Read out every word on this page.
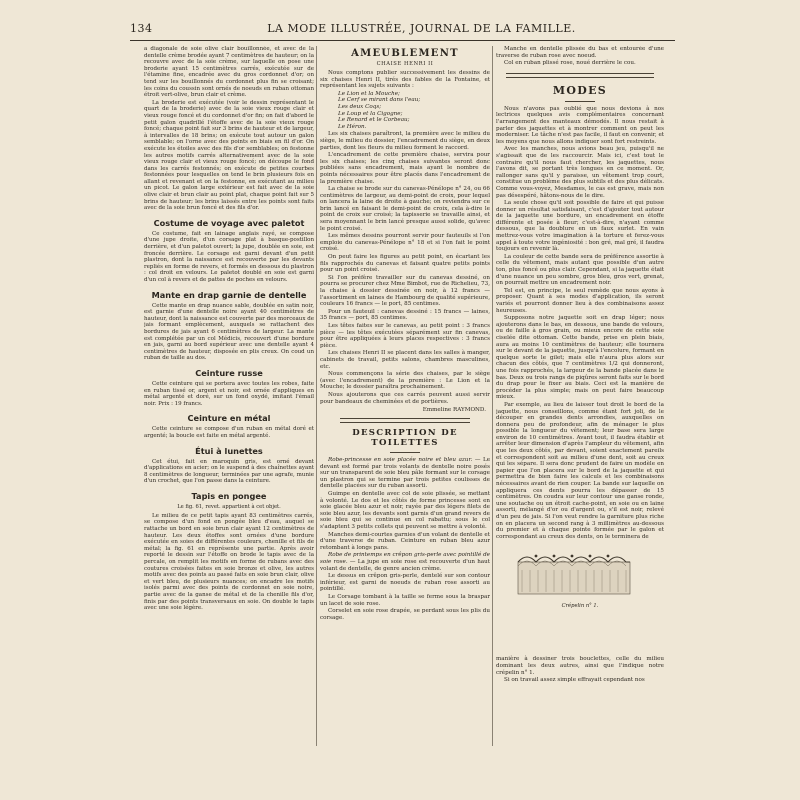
134	LA MODE ILLUSTRÉE, JOURNAL DE LA FAMILLE.

a diagonale de soie olive clair bouillonnée, et avec de la dentelle crème brodée ayant 7 centimètres de hauteur; on la recouvre avec de la soie crème, sur laquelle on pose une broderie ayant 15 centimètres carrés, exécutée sur de l'étamine fine, encadrée avec du gros cordonnet d'or; on tend sur les bouillonnés du cordonnet plus fin se croisant; les coins du coussin sont ornés de noeuds en ruban ottoman étroit vert-olive, brun clair et crème.

La broderie est exécutée (voir le dessin représentant le quart de la broderie) avec de la soie vieux rouge clair et vieux rouge foncé et du cordonnet d'or fin; on fait d'abord le petit galon quadrillé l'étoffe avec de la soie vieux rouge foncé; chaque point fait sur 3 brins de hauteur et de largeur, à intervalles de 18 brins; on exécute tout autour un galon semblable; on l'orne avec des points en biais en fil d'or. On exécute les étoiles avec des fils d'or semblables; on festonne les autres motifs carrés alternativement avec de la soie vieux rouge clair et vieux rouge foncé; on découpe le fond dans les carrés festonnés; on exécute de petites courbes festonnées pour lesquelles on tend le brin plusieurs fois en allant et revenant et on la festonne, en exécutant au milieu un picot. Le galon large extérieur est fait avec de la soie olive clair et brun clair au point plat, chaque point fait sur 5 brins de hauteur; les brins laissés entre les points sont faits avec de la soie brun foncé et des fils d'or.

Costume de voyage avec paletot

Ce costume, fait en lainage anglais rayé, se compose d'une jupe droite, d'un corsage plat à basque-postillon derrière, et d'un paletot ouvert; la jupe, doublée en soie, est froncée derrière. Le corsage est garni devant d'un petit plastron, dont la naissance est recouverte par les devants repliés en forme de revers, et formés en dessous du plastron : col droit en velours. Le paletot doublé en soie est garni d'un col à revers et de pattes de poches en velours.

Mante en drap garnie de dentelle

Cette mante en drap nuance sable, doublée en satin noir, est garnie d'une dentelle noire ayant 40 centimètres de hauteur, dont la naissance est couverte par des morceaux de jais formant emplècement, auxquels se rattachent des bordures de jais ayant 6 centimètres de largeur. La mante est complétée par un col Médicis, recouvert d'une bordure en jais, garni au bord supérieur avec une dentelle ayant 4 centimètres de hauteur, disposée en plis creux. On coud un ruban de taille au dos.

Ceinture russe

Cette ceinture qui se portera avec toutes les robes, faite en ruban tissé or, argent et noir, est ornée d'appliques en métal argenté et doré, sur un fond oxydé, imitant l'émail noir. Prix : 19 francs.

Ceinture en métal

Cette ceinture se compose d'un ruban en métal doré et argenté; la boucle est faite en métal argenté.

Étui à lunettes

Cet étui, fait en maroquin gris, est orné devant d'applications en acier; on le suspend à des chaînettes ayant 8 centimètres de longueur, terminées par une agrafe, munie d'un crochet, que l'on passe dans la ceinture.

Tapis en pongee
Le fig. 61, revet. appartient à cet objet.

Le milieu de ce petit tapis ayant 83 centimètres carrés, se compose d'un fond en pongée bleu d'eau, auquel se rattache un bord en soie brun clair ayant 12 centimètres de hauteur. Les deux étoffes sont ornées d'une bordure exécutée en soies de différentes couleurs, chenille et fils de métal; la fig. 61 en représente une partie. Après avoir reporté le dessin sur l'étoffe on brode le tapis avec de la percale, on remplit les motifs en forme de rubans avec des coutures croisées faites en soie bronze et olive, les autres motifs avec des points au passé faits en soie brun clair, olive et vert bleu, de plusieurs nuances; on encadre les motifs isolés parmi avec des points de cordonnet en soie noire, partie avec de la ganse de métal et de la chenille fils d'or, finis par des points transversaux en soie. On double le tapis avec une soie légère.

AMEUBLEMENT
CHAISE HENRI II

Nous comptons publier successivement les dessins de six chaises Henri II, tirés des fables de la Fontaine, et représentant les sujets suivants :

Le Lion et la Mouche;
Le Cerf se mirant dans l'eau;
Les deux Coqs;
Le Loup et la Cigogne;
Le Renard et le Corbeau;
Le Héron.

Les six chaises paraîtront, la première avec le milieu du siège, le milieu du dossier, l'encadrement du siège, en deux parties, dont les fleurs du milieu forment le raccord.

L'encadrement de cette première chaise, servira pour les six chaises; les cinq chaises suivantes seront donc publiées sans encadrement, mais ayant le nombre de points nécessaires pour être placés dans l'encadrement de la première chaise.

La chaise se brode sur du canevas-Pénélope n° 24, ou 66 centimètres de largeur, au demi-point de croix, pour lequel on lancera la laine de droite à gauche; on reviendra sur ce brin lancé en faisant le demi-point de croix, cela à-dire le point de croix sur croisé; la tapisserie se travaille ainsi, et sera moyennant le brin lancé presque aussi solide, qu'avec le point croisé.

Les mêmes dessins pourront servir pour fauteuils si l'on emploie du canevas-Pénélope n° 18 et si l'on fait le point croisé.

On peut faire les figures au petit point, en écartant les fils rapprochés du canevas et faisant quatre petits points pour un point croisé.

Si l'on préfère travailler sur du canevas dessiné, on pourra se procurer chez Mme Bimbot, rue de Richelieu, 73, la chaise à dossier dessinée en noir, à 12 francs — l'assortiment en laines de Hambourg de qualité supérieure, couleurs 16 francs — le port, 85 centimes.

Pour un fauteuil : canevas dessiné : 15 francs — laines, 35 francs — port, 85 centimes.

Les têtes faites sur le canevas, au petit point : 3 francs pièce — les têtes exécutées séparément sur fin canevas, pour être appliquées à leurs places respectives : 3 francs pièce.

Les chaises Henri II se placent dans les salles à manger, cabinets de travail, petits salons, chambres masculines, etc.

Nous commençons la série des chaises, par le siège (avec l'encadrement) de la première : Le Lion et la Mouche; le dossier paraîtra prochainement.

Nous ajouterons que ces carrés peuvent aussi servir pour bandeaux de cheminées et de portières.

Emmeline RAYMOND.
DESCRIPTION DE TOILETTES

Robe-princesse en soie placée noire et bleu azur. — Le devant est formé par trois volants de dentelle noire posés sur un transparent de soie bleu pâle formant sur le corsage un plastron qui se termine par trois petites coulisses de dentelle placées sur du ruban assorti.

Guimpe en dentelle avec col de soie plissée, se mettant à volonté. Le dos et les côtés de forme princesse sont en soie glacée bleu azur et noir, rayée par des légers filets de soie bleu azur, les devants sont garnis d'un grand revers de soie bleu qui se continue en col rabattu; sous le col s'adaptent 3 petits collets qui peuvent se mettre à volonté.

Manches demi-courtes garnies d'un volant de dentelle et d'une traverse de ruban. Ceinture en ruban bleu azur retombant à longs pans.

Robe de printemps en crêpon gris-perle avec pointillé de soie rose. — La jupe en soie rose est recouverte d'un haut volant de dentelle, de genre ancien crème.

Le dessus en crêpon gris-perle, dentelé sur son contour inférieur, est garni de noeuds de ruban rose assorti au pointillé.

Le Corsage tombant à la taille se ferme sous la braspar un lacet de soie rose.

Corselet en soie rose drapée, se perdant sous les plis du corsage.

Manche en dentelle plissée du bas et entourée d'une traverse de ruban rose avec noeud.

Col en ruban plissé rose, noué derrière le cou.

MODES

Nous n'avons pas oublié que nous devions à nos lectrices quelques avis complémentaires concernant l'arrangement des manteaux démodés. Il nous restait à parler des jaquettes et à montrer comment on peut les moderniser. Le tâche n'est pas facile, il faut en convenir, et les moyens que nous allons indiquer sont fort restreints.

Avec les manches, nous avions beau jeu, puisqu'il ne s'agissait que de les raccourcir. Mais ici, c'est tout le contraire qu'il nous faut chercher, les jaquettes, nous l'avons dit, se portant très longues en ce moment. Or, rallonger sans qu'il y paraisse, un vêtement trop court, constitue un problème des plus subtils et des plus délicats. Comme vous-voyez, Mesdames, le cas est grave, mais non pas désespéré, hâtons-nous de le dire.

La seule chose qu'il soit possible de faire et qui puisse donner un résultat satisfaisant, c'est d'ajouter tout autour de la jaquette une bordure, un encadrement en étoffe différente et posée à fleur; c'est-à-dire, n'ayant comme dessous, que la doublure en un faux surlet. En vain mettrez-vous votre imagination à la torture et ferez-vous appel à toute votre ingéniosité : bon gré, mal gré, il faudra toujours en revenir là.

La couleur de cette bande sera de préférence assortie à celle du vêtement, mais autant que possible d'un autre ton, plus foncé ou plus clair. Cependant, si la jaquette était d'une nuance un peu sombre, gros bleu, gros vert, grenat, on pourrait mettre un encadrement noir.

Tel est, en principe, le seul remède que nous ayons à proposer. Quant à ses modes d'application, ils seront variés et pourront donner lieu à des combinaisons assez heureuses.

Supposons notre jaquette soit en drap léger; nous ajouterons dans le bas, en dessous, une bande de velours, ou de faille à gros grain, ou mieux encore de cette soie ciselée dite ottoman. Cette bande, prise en plein biais, aura au moins 10 centimètres de hauteur; elle tournera sur le devant de la jaquette, jusqu'à l'encolure, formant en quelque sorte le gilet; mais elle n'aura plus alors sur chacun des côtés, que 7 centimètres 1/2 qui donneront, une fois rapprochés, la largeur de la bande placée dans le bas. Deux ou trois rangs de piqûres seront faits sur le bord du drap pour le fixer au biais. Ceci est la manière de procéder la plus simple; mais on peut faire beaucoup mieux.

Par exemple, au lieu de laisser tout droit le bord de la jaquette, nous conseillons, comme étant fort joli, de le découper en grandes dents arrondies, auxquelles on donnera peu de profondeur, afin de ménager le plus possible la longueur du vêtement; leur base sera large environ de 10 centimètres. Avant tout, il faudra établir et arrêter leur dimension d'après l'ampleur du vêtement, afin que les deux côtés, par devant, soient exactement pareils et correspondent soit au milieu d'une dent, soit au creux qui les sépare. Il sera donc prudent de faire un modèle en papier que l'on placera sur le bord de la jaquette et qui permettra de bien faire les calculs et les combinaisons nécessaires avant de rien couper. La bande sur laquelle on appliquera ces dents pourra les dépasser de 15 centimètres. On coudra sur leur contour une ganse ronde, une soutache ou un étroit cache-point, en soie ou en laine assorti, mélangé d'or ou d'argent ou, s'il est noir, relevé d'un peu de jais. Si l'on veut rendre la garniture plus riche on en placera un second rang à 3 millimètres au-dessous du premier et à chaque pointe formée par le galon et correspondant au creux des dents, on le terminera de

Crépelin n° 1.

manière à dessiner trois bouclettes, celle du milieu dominant les deux autres, ainsi que l'indique notre crépelin n° 1.

Si on travail assez simple effrayait cependant nos
